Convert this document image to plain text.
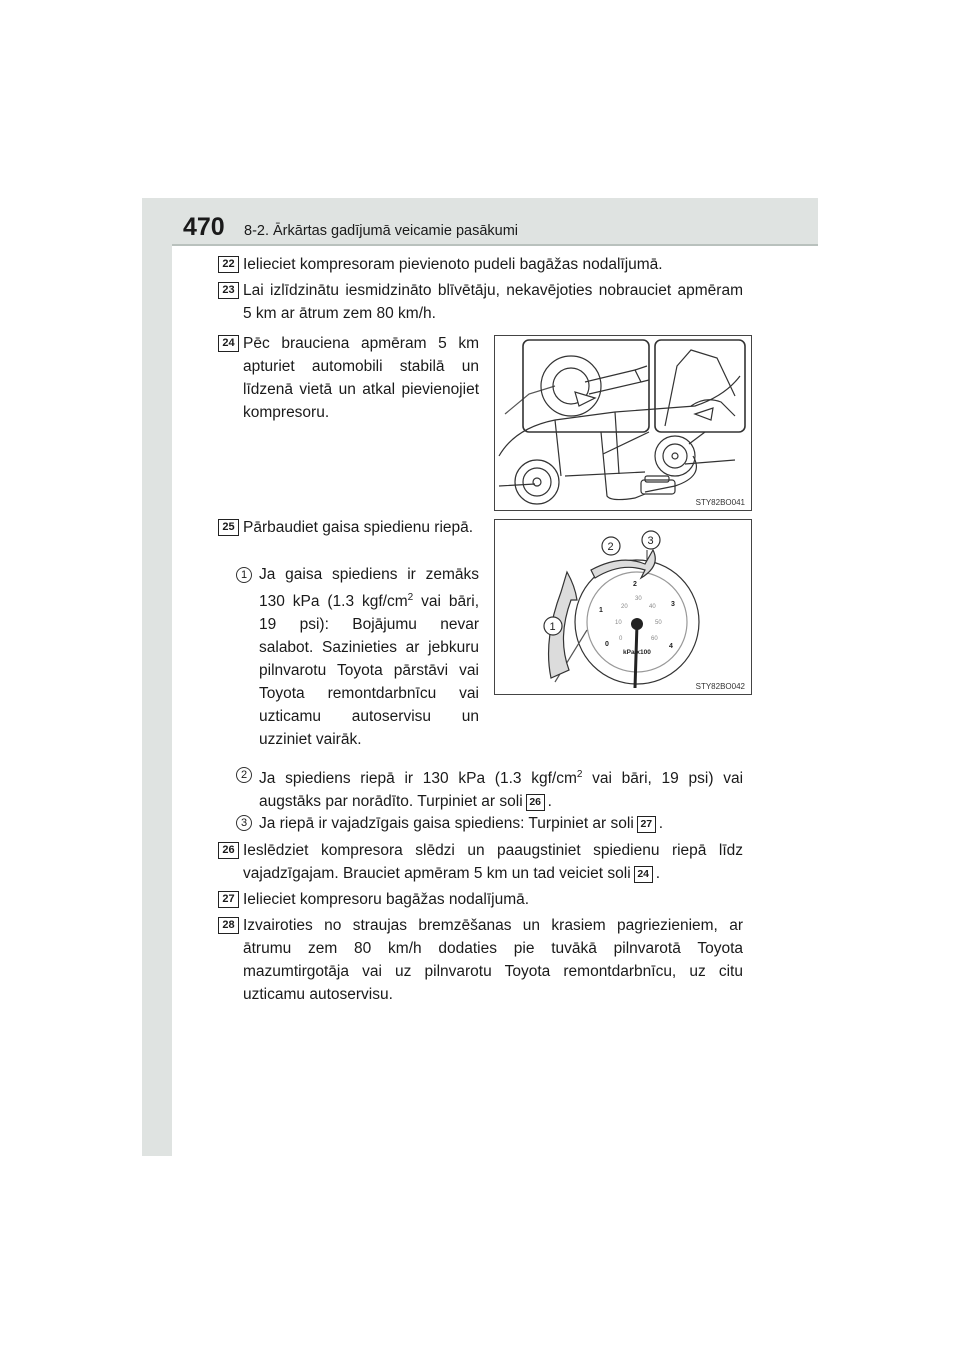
470 8-2. Ārkārtas gadījumā veicamie pasākumi
22 Ielieciet kompresoram pievienoto pudeli bagāžas nodalījumā.
23 Lai izlīdzinātu iesmidzināto blīvētāju, nekavējoties nobrauciet apmēram 5 km ar ātrum zem 80 km/h.
24 Pēc brauciena apmēram 5 km apturiet automobili stabilā un līdzenā vietā un atkal pievienojiet kompresoru.
STY82BO041
25 Pārbaudiet gaisa spiedienu riepā.
1 Ja gaisa spiediens ir zemāks 130 kPa (1.3 kgf/$cm^2$ vai bāri, 19 psi): Bojājumu nevar salabot. Sazinieties ar jebkuru pilnvarotu Toyota pārstāvi vai Toyota remontdarbnīcu vai uzticamu autoservisu un uzziniet vairāk.
0
1
2
3
4
0
10
20
30
40
50
60
kPa x100
1
2	3
STY82BO042
2 Ja spiediens riepā ir 130 kPa (1.3 kgf/$cm^2$ vai bāri, 19 psi) vai augstāks par norādīto. Turpiniet ar soli 26 .
3 Ja riepā ir vajadzīgais gaisa spiediens: Turpiniet ar soli 27 .
26 Ieslēdziet kompresora slēdzi un paaugstiniet spiedienu riepā līdz vajadzīgajam. Brauciet apmēram 5 km un tad veiciet soli 24 .
27 Ielieciet kompresoru bagāžas nodalījumā.
28 Izvairoties no straujas bremzēšanas un krasiem pagriezieniem, ar ātrumu zem 80 km/h dodaties pie tuvākā pilnvarotā Toyota mazumtirgotāja vai uz pilnvarotu Toyota remontdarbnīcu, uz citu uzticamu autoservisu.
